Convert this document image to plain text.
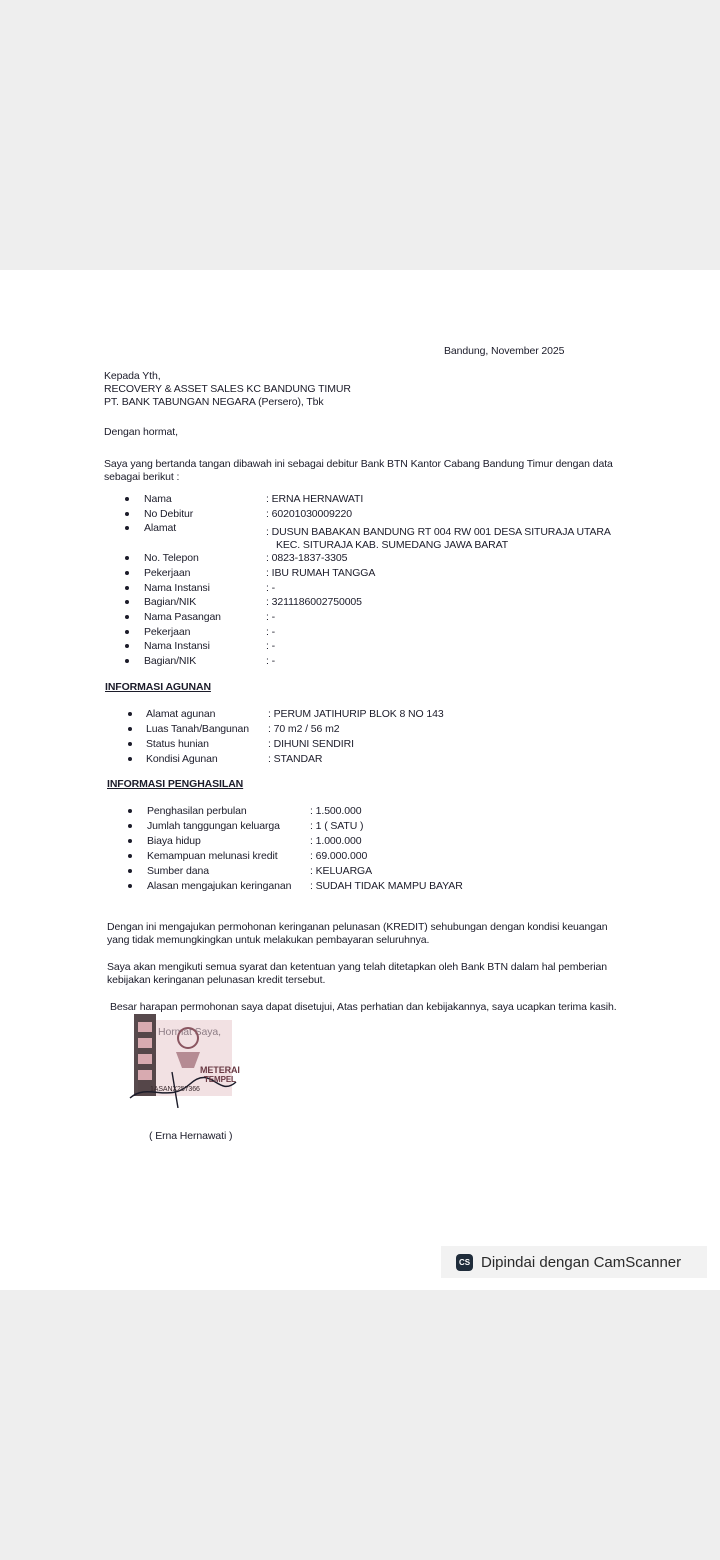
Bandung, November 2025
Kepada Yth,
RECOVERY & ASSET SALES KC BANDUNG TIMUR
PT. BANK TABUNGAN NEGARA (Persero), Tbk
Dengan hormat,
Saya yang bertanda tangan dibawah ini sebagai debitur Bank BTN Kantor Cabang Bandung Timur dengan data
sebagai berikut :
Nama	: ERNA HERNAWATI
No Debitur	: 60201030009220
Alamat	: DUSUN BABAKAN BANDUNG RT 004 RW 001 DESA SITURAJA UTARA
KEC. SITURAJA KAB. SUMEDANG JAWA BARAT
No. Telepon	: 0823-1837-3305
Pekerjaan	: IBU RUMAH TANGGA
Nama Instansi	: -
Bagian/NIK	: 3211186002750005
Nama Pasangan	: -
Pekerjaan	: -
Nama Instansi	: -
Bagian/NIK	: -
INFORMASI AGUNAN
Alamat agunan	: PERUM JATIHURIP BLOK 8 NO 143
Luas Tanah/Bangunan : 70 m2 / 56 m2
Status hunian	: DIHUNI SENDIRI
Kondisi Agunan	: STANDAR
INFORMASI PENGHASILAN
Penghasilan perbulan	: 1.500.000
Jumlah tanggungan keluarga	: 1 ( SATU )
Biaya hidup	: 1.000.000
Kemampuan melunasi kredit	: 69.000.000
Sumber dana	: KELUARGA
Alasan mengajukan keringanan : SUDAH TIDAK MAMPU BAYAR
Dengan ini mengajukan permohonan keringanan pelunasan (KREDIT) sehubungan dengan kondisi keuangan
yang tidak memungkingkan untuk melakukan pembayaran seluruhnya.
Saya akan mengikuti semua syarat dan ketentuan yang telah ditetapkan oleh Bank BTN dalam hal pemberian
kebijakan keringanan pelunasan kredit tersebut.
Besar harapan permohonan saya dapat disetujui, Atas perhatian dan kebijakannya, saya ucapkan terima kasih.
METERAI
TEMPEL
1ASANX257366
( Erna Hernawati )
CS Dipindai dengan CamScanner
